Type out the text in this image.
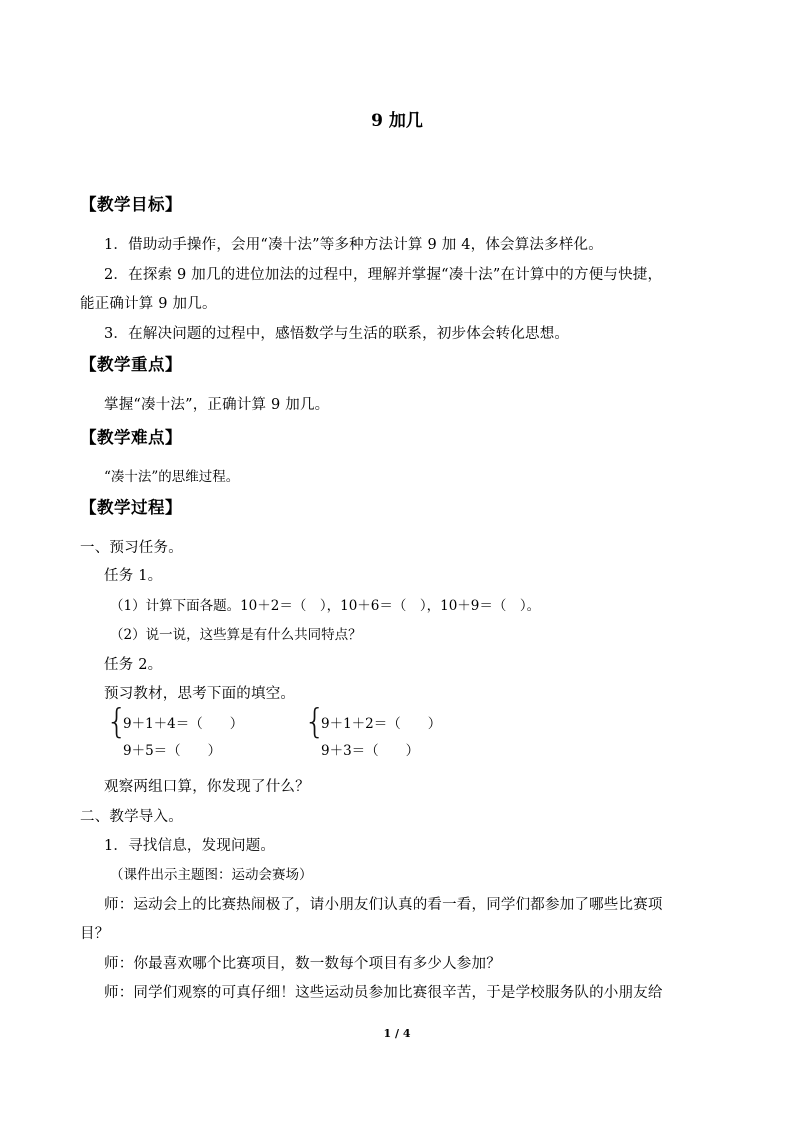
9 加几
【教学目标】
1．借助动手操作，会用“凑十法”等多种方法计算 9 加 4，体会算法多样化。
2．在探索 9 加几的进位加法的过程中，理解并掌握“凑十法”在计算中的方便与快捷，
能正确计算 9 加几。
3．在解决问题的过程中，感悟数学与生活的联系，初步体会转化思想。
【教学重点】
掌握“凑十法”，正确计算 9 加几。
【教学难点】
“凑十法”的思维过程。
【教学过程】
一、预习任务。
任务 1。
（1）计算下面各题。10＋2＝（　），10＋6＝（　），10＋9＝（　）。
（2）说一说，这些算是有什么共同特点？
任务 2。
预习教材，思考下面的填空。
{
9＋1＋4＝（　　）
9＋5＝（　　）
{
9＋1＋2＝（　　）
9＋3＝（　　）
观察两组口算，你发现了什么？
二、教学导入。
1．寻找信息，发现问题。
（课件出示主题图：运动会赛场）
师：运动会上的比赛热闹极了，请小朋友们认真的看一看，同学们都参加了哪些比赛项
目？
师：你最喜欢哪个比赛项目，数一数每个项目有多少人参加？
师：同学们观察的可真仔细！这些运动员参加比赛很辛苦，于是学校服务队的小朋友给
1 / 4
